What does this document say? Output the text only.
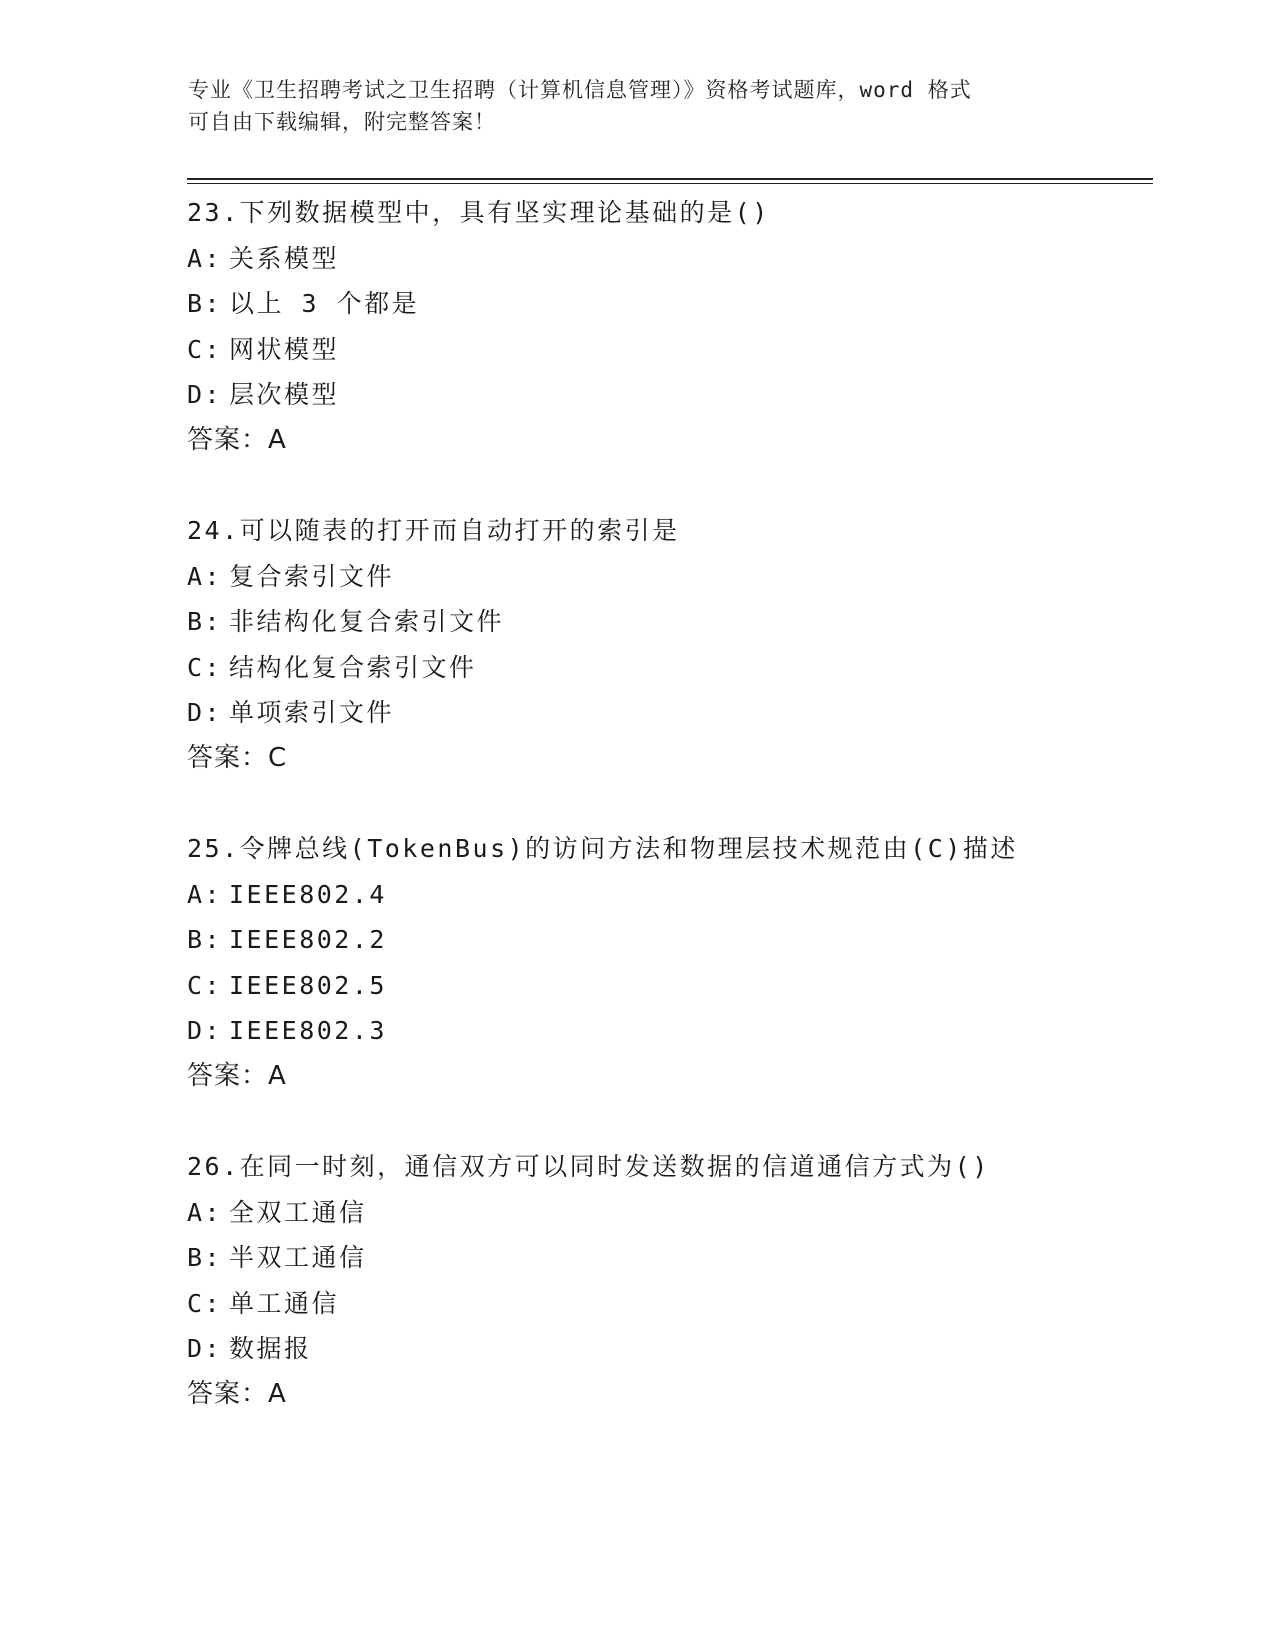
专业《卫生招聘考试之卫生招聘（计算机信息管理）》资格考试题库，word 格式
可自由下载编辑，附完整答案！
23.下列数据模型中，具有坚实理论基础的是()
A: 关系模型
B: 以上 3 个都是
C: 网状模型
D: 层次模型
答案：A
24.可以随表的打开而自动打开的索引是
A: 复合索引文件
B: 非结构化复合索引文件
C: 结构化复合索引文件
D: 单项索引文件
答案：C
25.令牌总线(TokenBus)的访问方法和物理层技术规范由(C)描述
A: IEEE802.4
B: IEEE802.2
C: IEEE802.5
D: IEEE802.3
答案：A
26.在同一时刻，通信双方可以同时发送数据的信道通信方式为()
A: 全双工通信
B: 半双工通信
C: 单工通信
D: 数据报
答案：A
